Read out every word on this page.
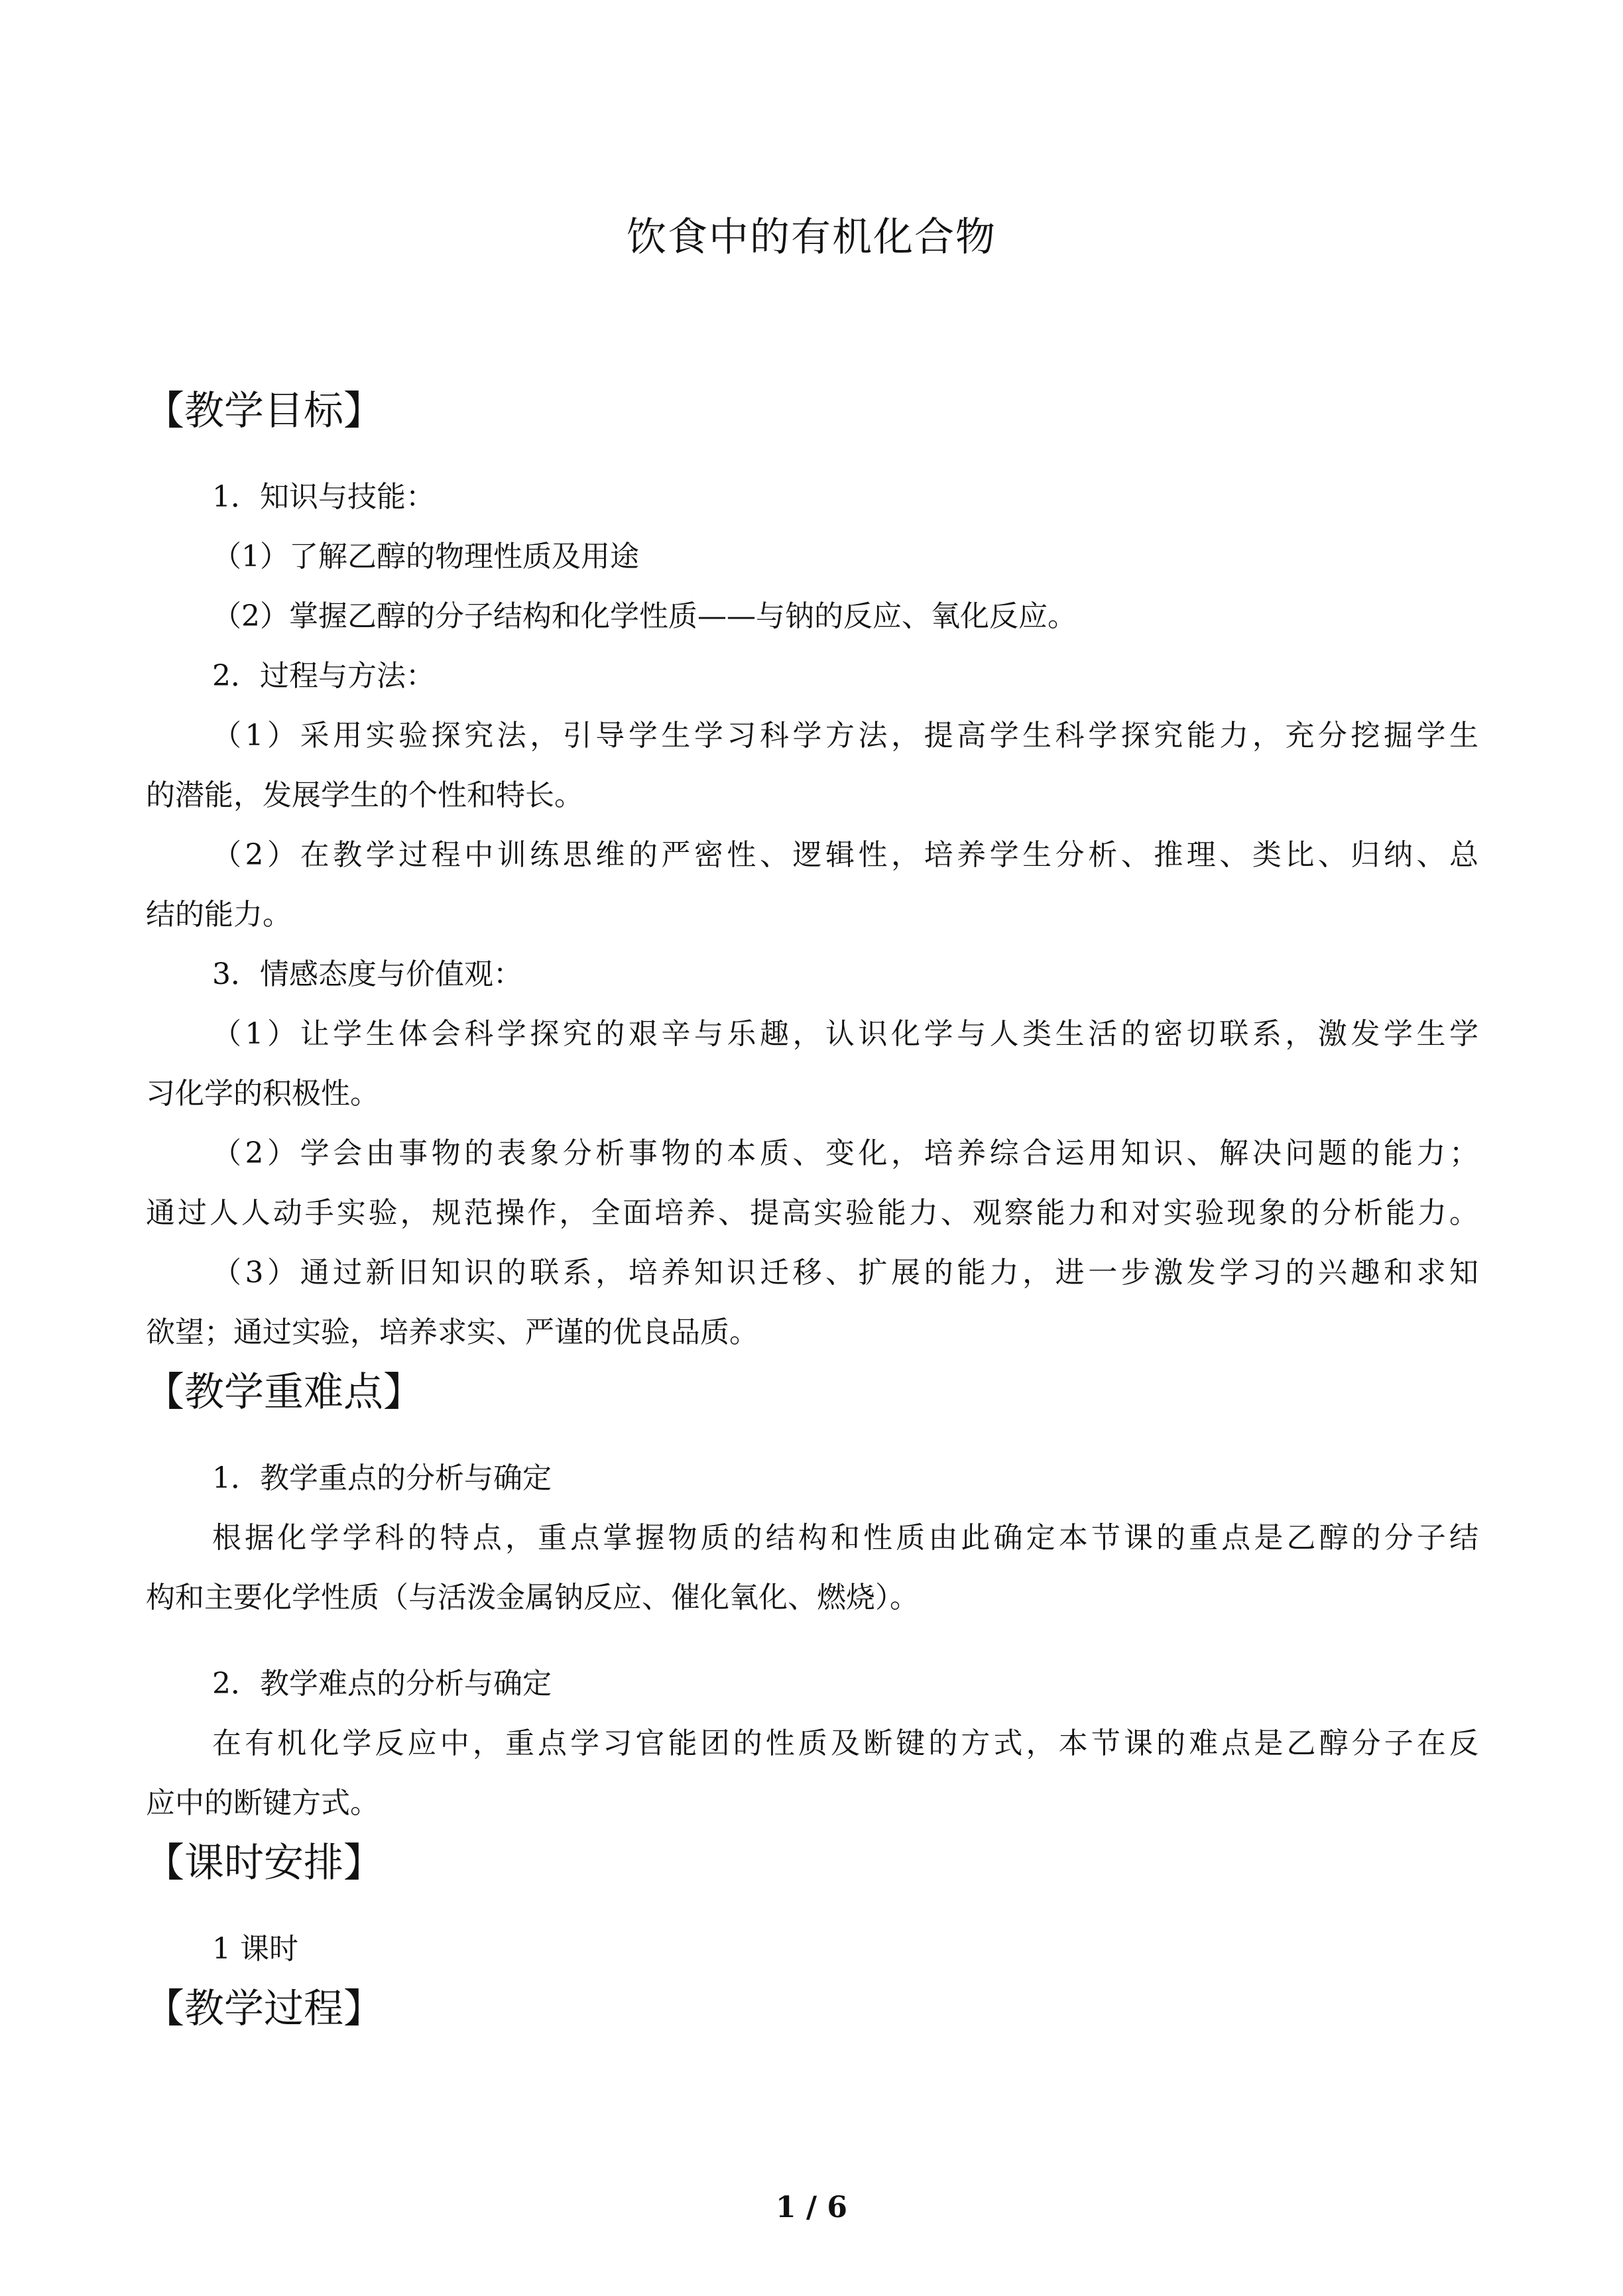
饮食中的有机化合物
【教学目标】
1．知识与技能：
（1）了解乙醇的物理性质及用途
（2）掌握乙醇的分子结构和化学性质——与钠的反应、氧化反应。
2．过程与方法：
（1）采用实验探究法，引导学生学习科学方法，提高学生科学探究能力，充分挖掘学生
的潜能，发展学生的个性和特长。
（2）在教学过程中训练思维的严密性、逻辑性，培养学生分析、推理、类比、归纳、总
结的能力。
3．情感态度与价值观：
（1）让学生体会科学探究的艰辛与乐趣，认识化学与人类生活的密切联系，激发学生学
习化学的积极性。
（2）学会由事物的表象分析事物的本质、变化，培养综合运用知识、解决问题的能力；
通过人人动手实验，规范操作，全面培养、提高实验能力、观察能力和对实验现象的分析能力。
（3）通过新旧知识的联系，培养知识迁移、扩展的能力，进一步激发学习的兴趣和求知
欲望；通过实验，培养求实、严谨的优良品质。
【教学重难点】
1．教学重点的分析与确定
根据化学学科的特点，重点掌握物质的结构和性质由此确定本节课的重点是乙醇的分子结
构和主要化学性质（与活泼金属钠反应、催化氧化、燃烧）。
2．教学难点的分析与确定
在有机化学反应中，重点学习官能团的性质及断键的方式，本节课的难点是乙醇分子在反
应中的断键方式。
【课时安排】
1 课时
【教学过程】
1 / 6
